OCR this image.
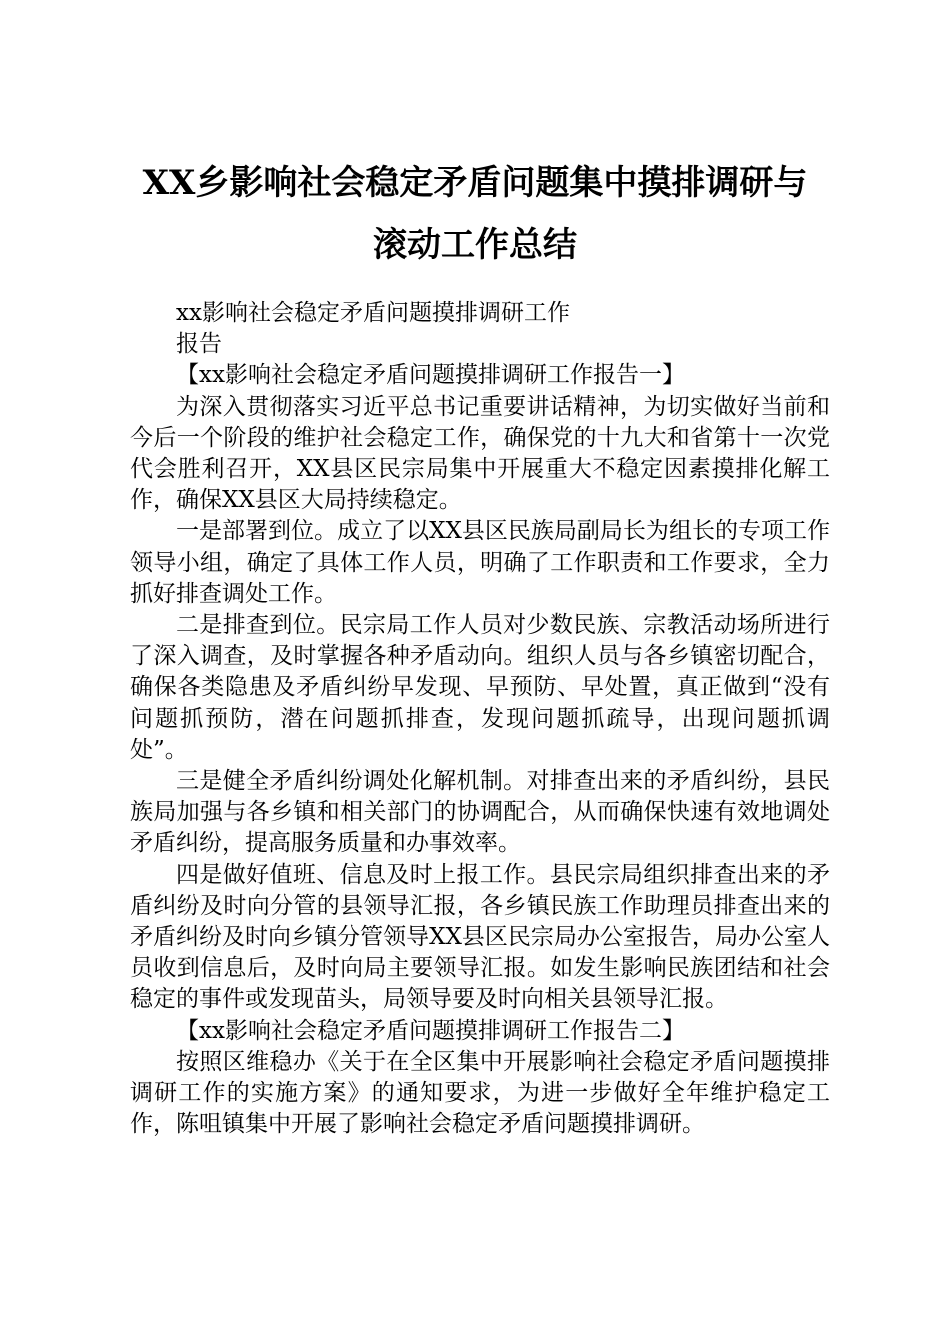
XX乡影响社会稳定矛盾问题集中摸排调研与
滚动工作总结

xx影响社会稳定矛盾问题摸排调研工作

报告

【xx影响社会稳定矛盾问题摸排调研工作报告一】

为深入贯彻落实习近平总书记重要讲话精神，为切实做好当前和今后一个阶段的维护社会稳定工作，确保党的十九大和省第十一次党代会胜利召开，XX县区民宗局集中开展重大不稳定因素摸排化解工作，确保XX县区大局持续稳定。

一是部署到位。成立了以XX县区民族局副局长为组长的专项工作领导小组，确定了具体工作人员，明确了工作职责和工作要求，全力抓好排查调处工作。

二是排查到位。民宗局工作人员对少数民族、宗教活动场所进行了深入调查，及时掌握各种矛盾动向。组织人员与各乡镇密切配合，确保各类隐患及矛盾纠纷早发现、早预防、早处置，真正做到“没有问题抓预防，潜在问题抓排查，发现问题抓疏导，出现问题抓调处”。

三是健全矛盾纠纷调处化解机制。对排查出来的矛盾纠纷，县民族局加强与各乡镇和相关部门的协调配合，从而确保快速有效地调处矛盾纠纷，提高服务质量和办事效率。

四是做好值班、信息及时上报工作。县民宗局组织排查出来的矛盾纠纷及时向分管的县领导汇报，各乡镇民族工作助理员排查出来的矛盾纠纷及时向乡镇分管领导XX县区民宗局办公室报告，局办公室人员收到信息后，及时向局主要领导汇报。如发生影响民族团结和社会稳定的事件或发现苗头，局领导要及时向相关县领导汇报。

【xx影响社会稳定矛盾问题摸排调研工作报告二】

按照区维稳办《关于在全区集中开展影响社会稳定矛盾问题摸排调研工作的实施方案》的通知要求，为进一步做好全年维护稳定工作，陈咀镇集中开展了影响社会稳定矛盾问题摸排调研。
